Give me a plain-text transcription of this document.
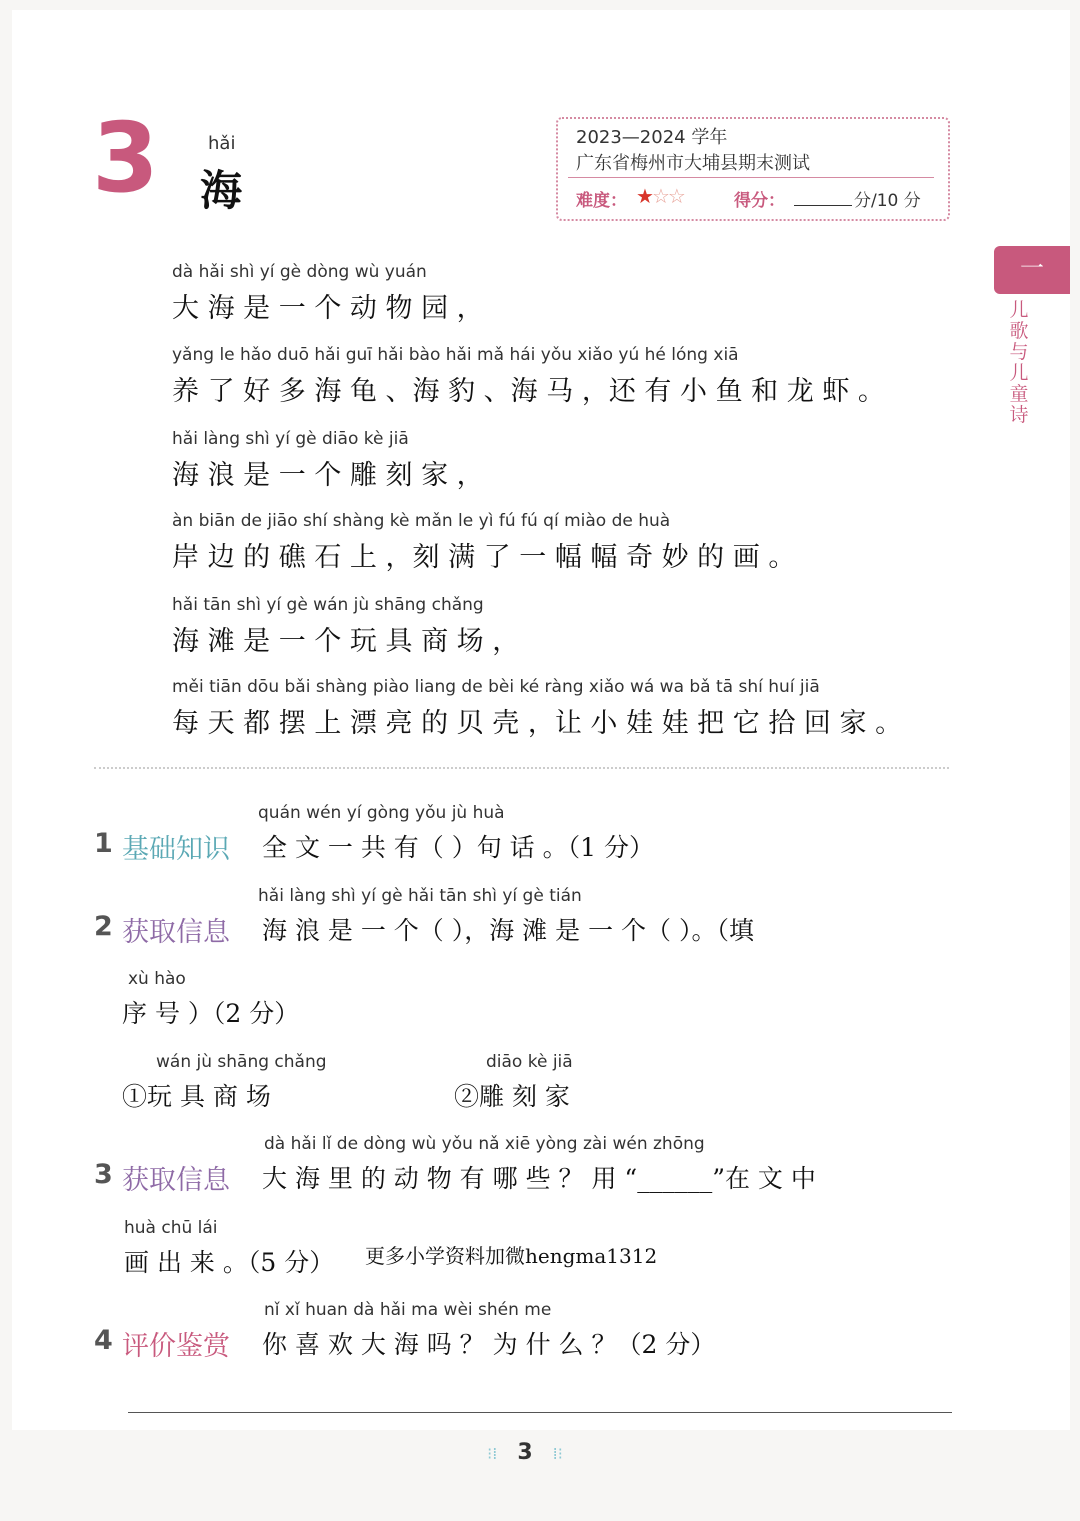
3	hǎi
海
2023—2024 学年
广东省梅州市大埔县期末测试
难度： ★☆☆	得分：	分/10 分
一
儿歌与儿童诗
dà hǎi shì yí gè dòng wù yuán
大 海 是 一 个 动 物 园 ，
yǎng le hǎo duō hǎi guī hǎi bào hǎi mǎ hái yǒu xiǎo yú hé lóng xiā
养 了 好 多 海 龟 、海 豹 、海 马 ，还 有 小 鱼 和 龙 虾 。
hǎi làng shì yí gè diāo kè jiā
海 浪 是 一 个 雕 刻 家 ，
àn biān de jiāo shí shàng kè mǎn le yì fú fú qí miào de huà
岸 边 的 礁 石 上 ，刻 满 了 一 幅 幅 奇 妙 的 画 。
hǎi tān shì yí gè wán jù shāng chǎng
海 滩 是 一 个 玩 具 商 场 ，
měi tiān dōu bǎi shàng piào liang de bèi ké ràng xiǎo wá wa bǎ tā shí huí jiā
每 天 都 摆 上 漂 亮 的 贝 壳 ，让 小 娃 娃 把 它 拾 回 家 。
quán wén yí gòng yǒu jù huà
1 基础知识 全 文 一 共 有（ ）句 话 。（1 分）
hǎi làng shì yí gè hǎi tān shì yí gè tián
2 获取信息 海 浪 是 一 个（ ），海 滩 是 一 个（ ）。（填
xù hào
序 号 ）（2 分）
wán jù shāng chǎng
①玩 具 商 场
diāo kè jiā
②雕 刻 家
dà hǎi lǐ de dòng wù yǒu nǎ xiē yòng zài wén zhōng
3 获取信息 大 海 里 的 动 物 有 哪 些 ？ 用 “______”在 文 中
huà chū lái
画 出 来 。（5 分） 更多小学资料加微hengma1312
nǐ xǐ huan dà hǎi ma wèi shén me
4 评价鉴赏 你 喜 欢 大 海 吗 ？ 为 什 么 ？（2 分）
⁝⁞ 3 ⁞⁝
